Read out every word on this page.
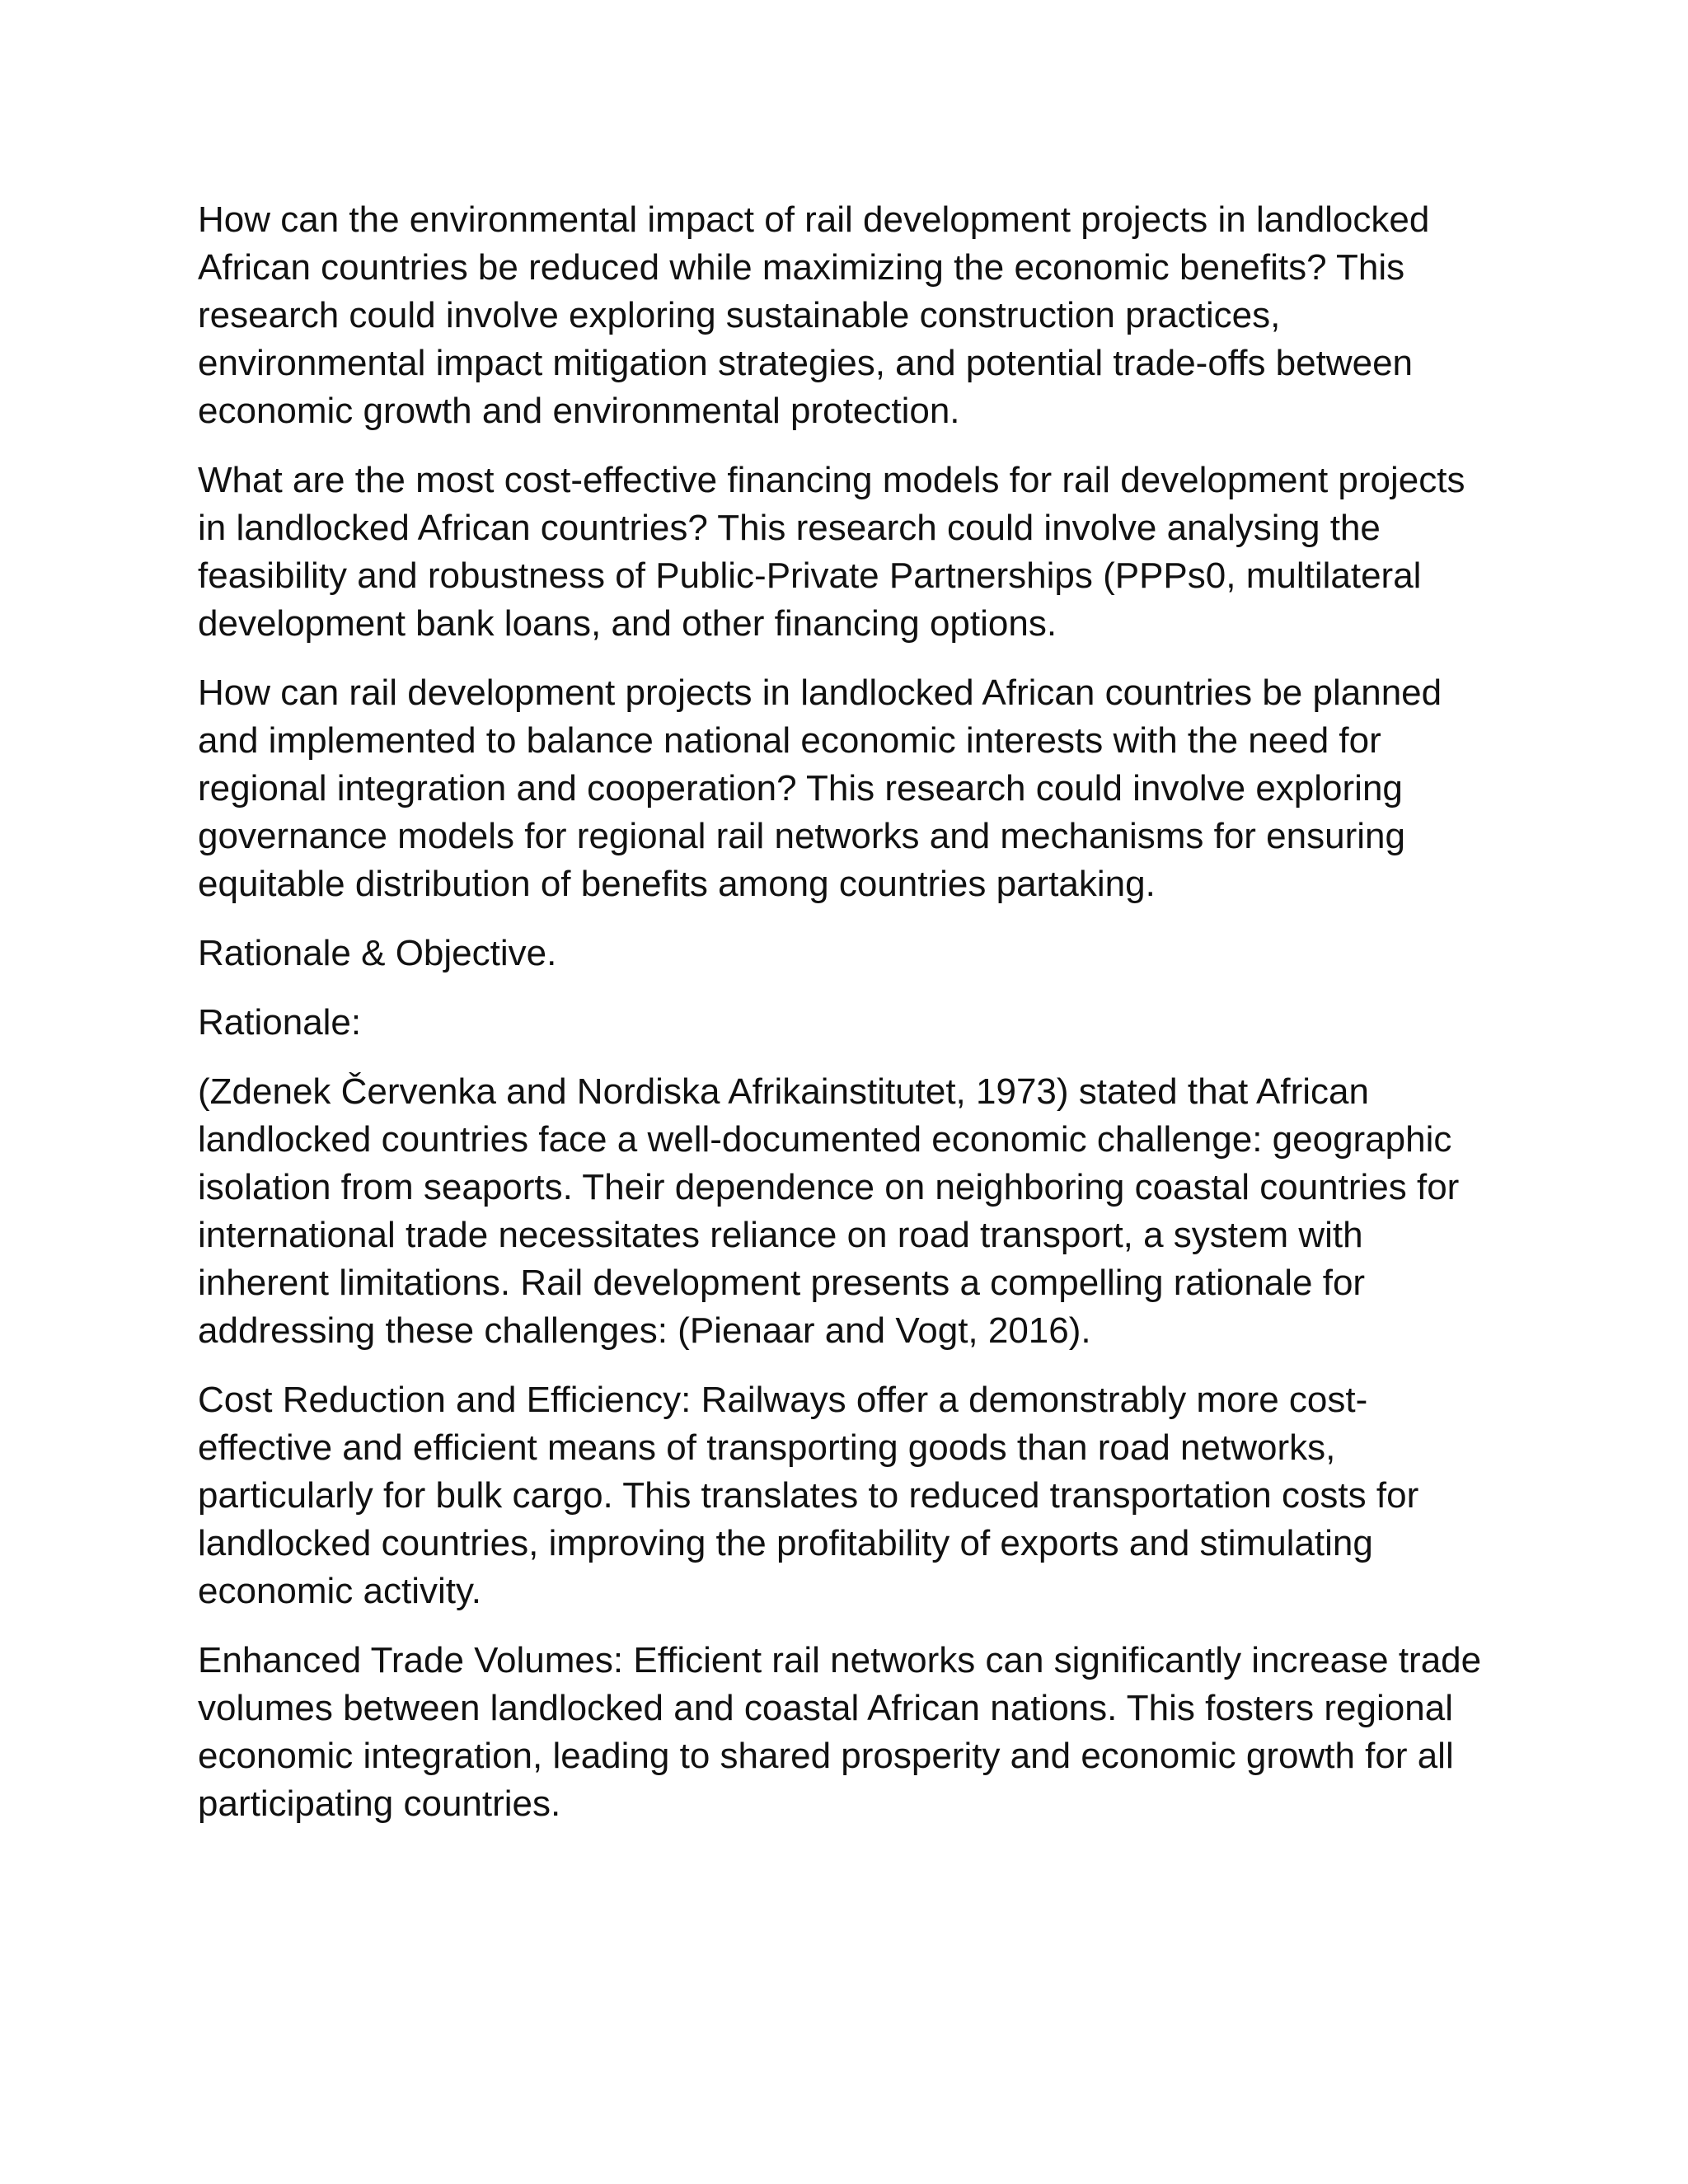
How can the environmental impact of rail development projects in landlocked African countries be reduced while maximizing the economic benefits? This research could involve exploring sustainable construction practices, environmental impact mitigation strategies, and potential trade-offs between economic growth and environmental protection.

What are the most cost-effective financing models for rail development projects in landlocked African countries? This research could involve analysing the feasibility and robustness of Public-Private Partnerships (PPPs0, multilateral development bank loans, and other financing options.

How can rail development projects in landlocked African countries be planned and implemented to balance national economic interests with the need for regional integration and cooperation? This research could involve exploring governance models for regional rail networks and mechanisms for ensuring equitable distribution of benefits among countries partaking.

Rationale & Objective.

Rationale:

(Zdenek Červenka and Nordiska Afrikainstitutet, 1973) stated that African landlocked countries face a well-documented economic challenge: geographic isolation from seaports. Their dependence on neighboring coastal countries for international trade necessitates reliance on road transport, a system with inherent limitations. Rail development presents a compelling rationale for addressing these challenges: (Pienaar and Vogt, 2016).

Cost Reduction and Efficiency: Railways offer a demonstrably more cost-effective and efficient means of transporting goods than road networks, particularly for bulk cargo. This translates to reduced transportation costs for landlocked countries, improving the profitability of exports and stimulating economic activity.

Enhanced Trade Volumes: Efficient rail networks can significantly increase trade volumes between landlocked and coastal African nations. This fosters regional economic integration, leading to shared prosperity and economic growth for all participating countries.
